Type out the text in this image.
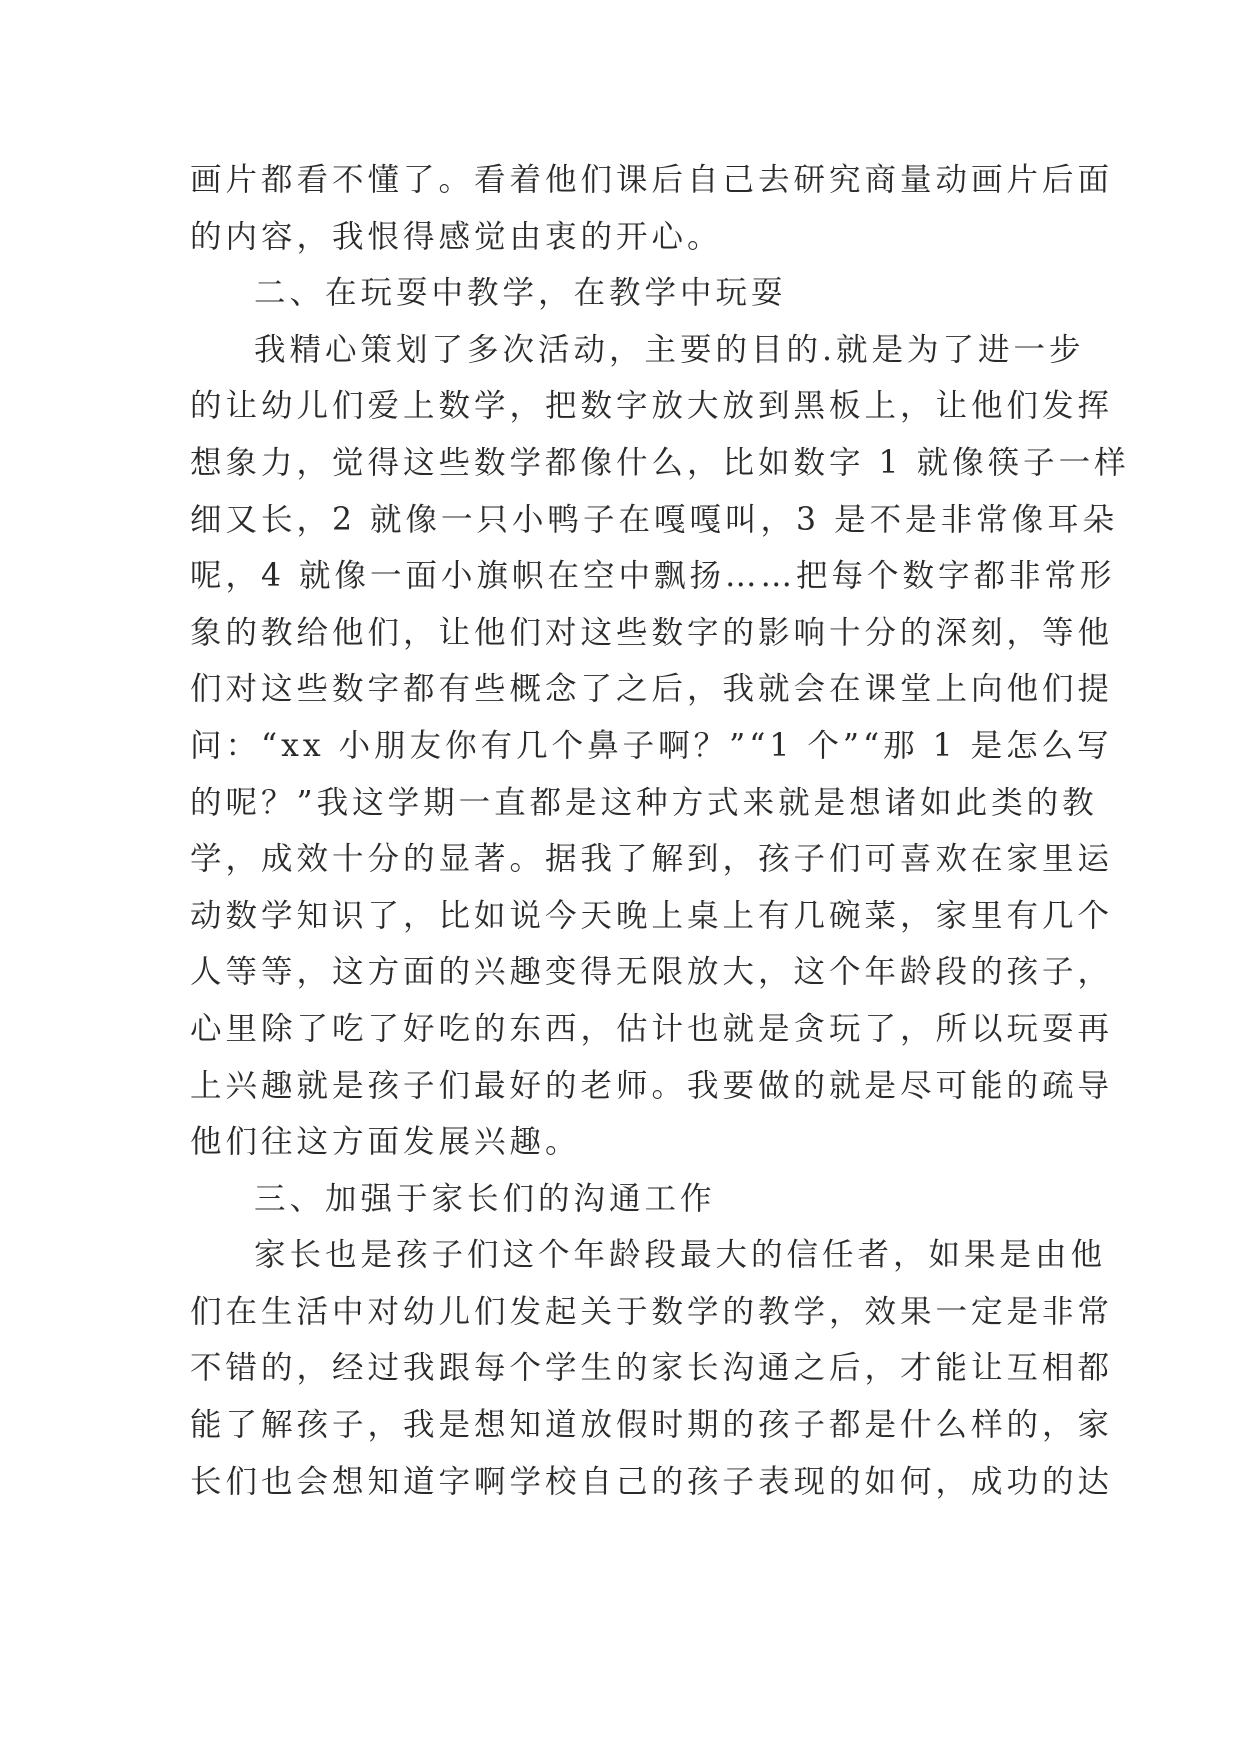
画片都看不懂了。看着他们课后自己去研究商量动画片后面
的内容，我恨得感觉由衷的开心。
二、在玩耍中教学，在教学中玩耍
我精心策划了多次活动，主要的目的.就是为了进一步
的让幼儿们爱上数学，把数字放大放到黑板上，让他们发挥
想象力，觉得这些数学都像什么，比如数字 1 就像筷子一样
细又长，2 就像一只小鸭子在嘎嘎叫，3 是不是非常像耳朵
呢，4 就像一面小旗帜在空中飘扬……把每个数字都非常形
象的教给他们，让他们对这些数字的影响十分的深刻，等他
们对这些数字都有些概念了之后，我就会在课堂上向他们提
问：“xx 小朋友你有几个鼻子啊？”“1 个”“那 1 是怎么写
的呢？”我这学期一直都是这种方式来就是想诸如此类的教
学，成效十分的显著。据我了解到，孩子们可喜欢在家里运
动数学知识了，比如说今天晚上桌上有几碗菜，家里有几个
人等等，这方面的兴趣变得无限放大，这个年龄段的孩子，
心里除了吃了好吃的东西，估计也就是贪玩了，所以玩耍再
上兴趣就是孩子们最好的老师。我要做的就是尽可能的疏导
他们往这方面发展兴趣。
三、加强于家长们的沟通工作
家长也是孩子们这个年龄段最大的信任者，如果是由他
们在生活中对幼儿们发起关于数学的教学，效果一定是非常
不错的，经过我跟每个学生的家长沟通之后，才能让互相都
能了解孩子，我是想知道放假时期的孩子都是什么样的，家
长们也会想知道字啊学校自己的孩子表现的如何，成功的达
